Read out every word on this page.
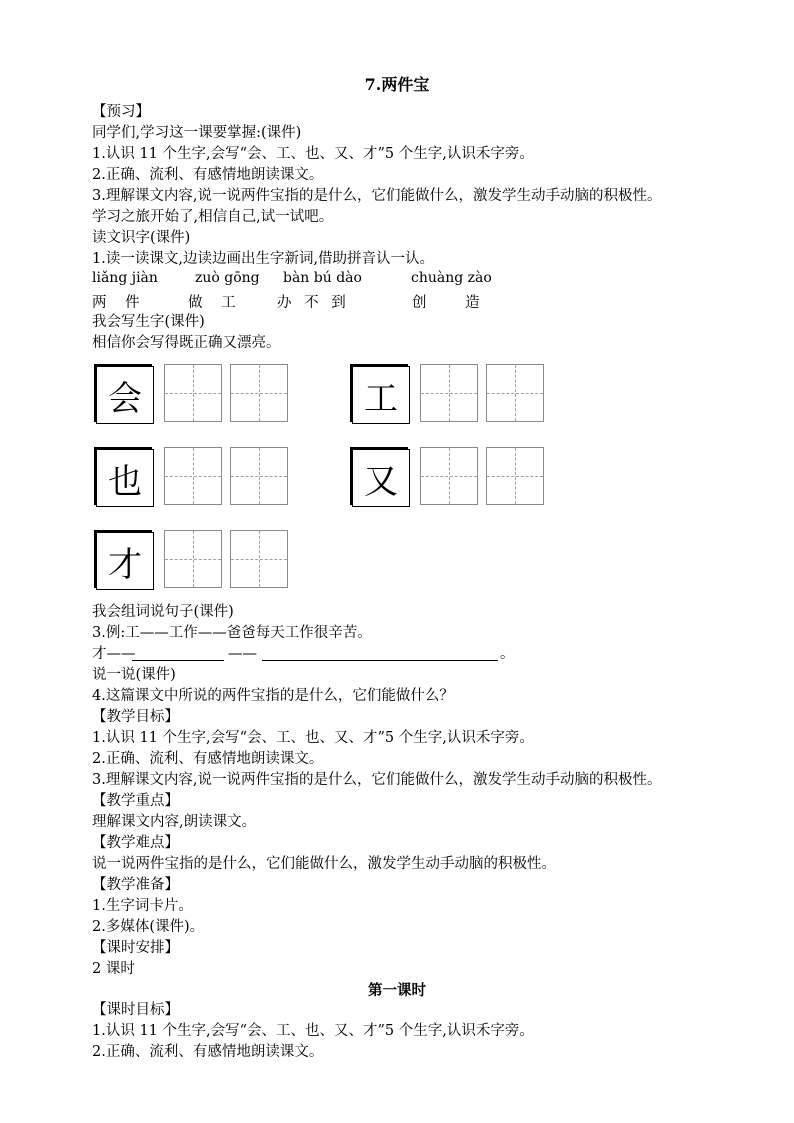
7.两件宝
【预习】
同学们,学习这一课要掌握:(课件)
1.认识 11 个生字,会写“会、工、也、又、才”5 个生字,认识禾字旁。
2.正确、流利、有感情地朗读课文。
3.理解课文内容,说一说两件宝指的是什么，它们能做什么，激发学生动手动脑的积极性。
学习之旅开始了,相信自己,试一试吧。
读文识字(课件)
1.读一读课文,边读边画出生字新词,借助拼音认一认。
liǎng jiàn	zuò gōng bàn bú dào	chuàng zào
两 件	做 工	办 不 到	创 造
我会写生字(课件)
相信你会写得既正确又漂亮。
会	工
也	又
才
我会组词说句子(课件)
3.例:工——工作——爸爸每天工作很辛苦。
才——	——	。
说一说(课件)
4.这篇课文中所说的两件宝指的是什么，它们能做什么？
【教学目标】
1.认识 11 个生字,会写“会、工、也、又、才”5 个生字,认识禾字旁。
2.正确、流利、有感情地朗读课文。
3.理解课文内容,说一说两件宝指的是什么，它们能做什么，激发学生动手动脑的积极性。
【教学重点】
理解课文内容,朗读课文。
【教学难点】
说一说两件宝指的是什么，它们能做什么，激发学生动手动脑的积极性。
【教学准备】
1.生字词卡片。
2.多媒体(课件)。
【课时安排】
2 课时
第一课时
【课时目标】
1.认识 11 个生字,会写“会、工、也、又、才”5 个生字,认识禾字旁。
2.正确、流利、有感情地朗读课文。
